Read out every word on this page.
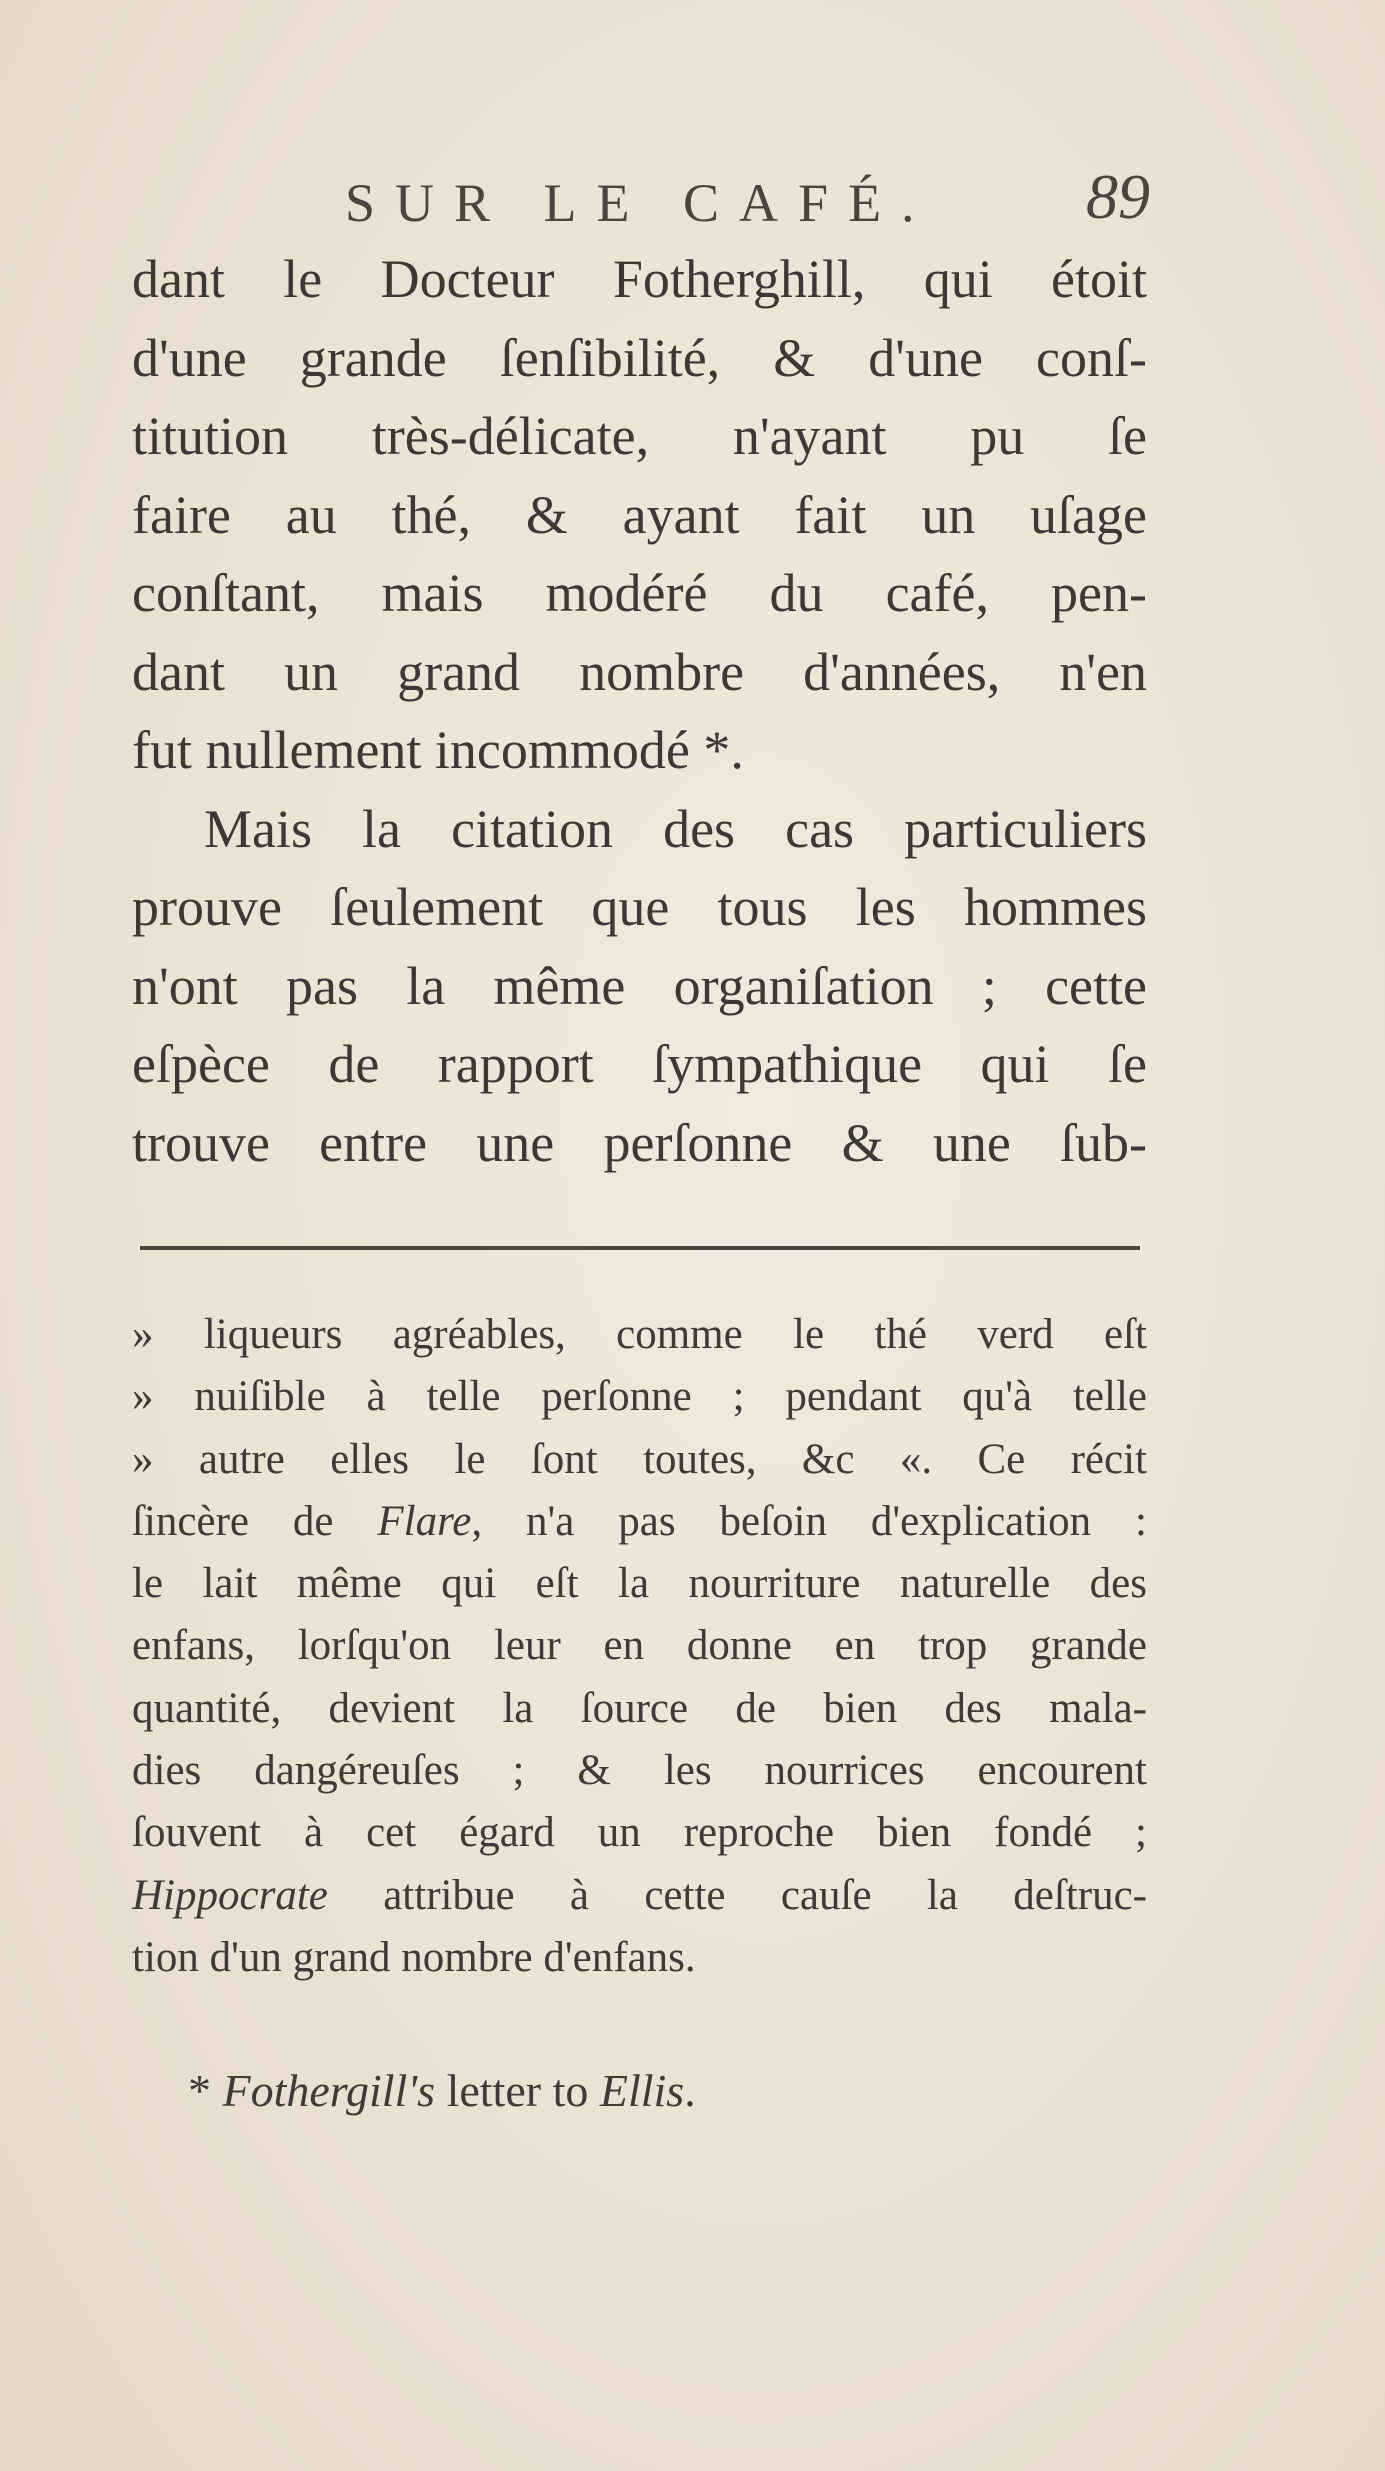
SUR LE CAFÉ. 89
dant le Docteur Fotherghill, qui étoit
d'une grande ſenſibilité, & d'une conſ-
titution très-délicate, n'ayant pu ſe
faire au thé, & ayant fait un uſage
conſtant, mais modéré du café, pen-
dant un grand nombre d'années, n'en
fut nullement incommodé *.
Mais la citation des cas particuliers
prouve ſeulement que tous les hommes
n'ont pas la même organiſation ; cette
eſpèce de rapport ſympathique qui ſe
trouve entre une perſonne & une ſub-
» liqueurs agréables, comme le thé verd eſt
» nuiſible à telle perſonne ; pendant qu'à telle
» autre elles le ſont toutes, &c «. Ce récit
ſincère de Flare, n'a pas beſoin d'explication :
le lait même qui eſt la nourriture naturelle des
enfans, lorſqu'on leur en donne en trop grande
quantité, devient la ſource de bien des mala-
dies dangéreuſes ; & les nourrices encourent
ſouvent à cet égard un reproche bien fondé ;
Hippocrate attribue à cette cauſe la deſtruc-
tion d'un grand nombre d'enfans.
* Fothergill's letter to Ellis.
